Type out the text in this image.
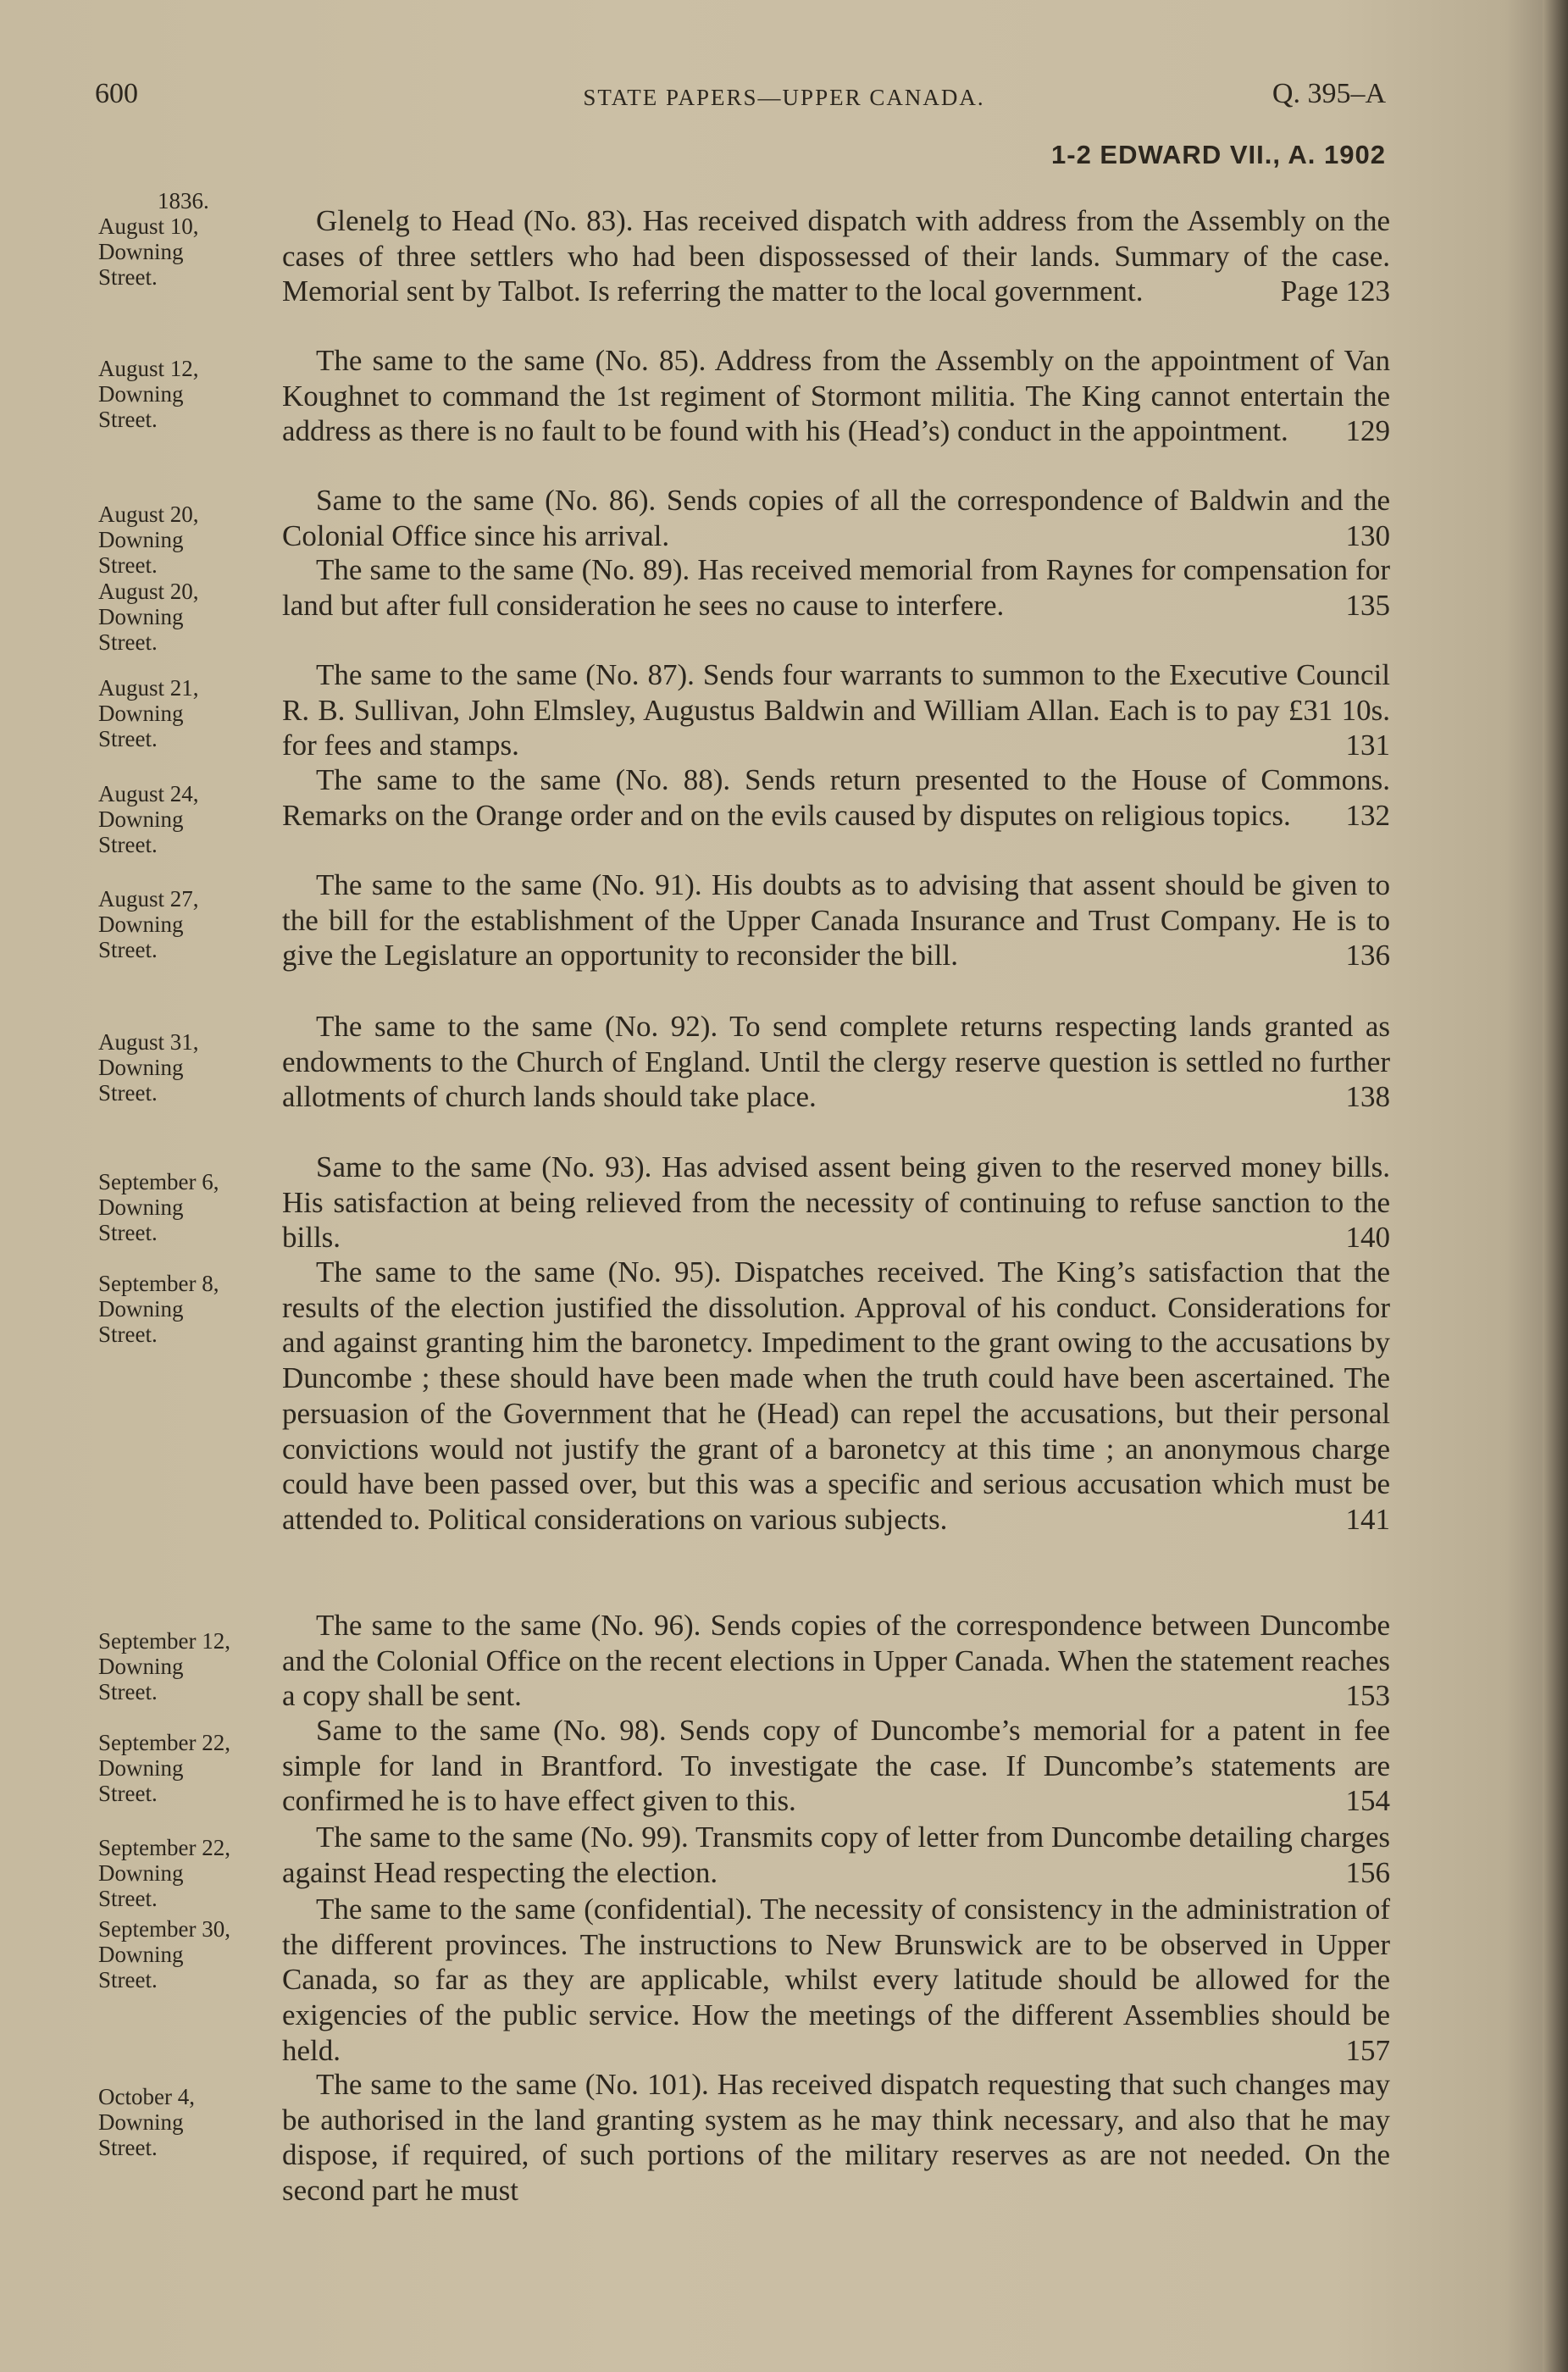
600	STATE PAPERS—UPPER CANADA.	Q. 395–A
1-2 EDWARD VII., A. 1902
1836.
August 10,
Downing
Street.
Glenelg to Head (No. 83). Has received dispatch with address from the Assembly on the cases of three settlers who had been dispossessed of their lands. Summary of the case. Memorial sent by Talbot. Is referring the matter to the local government.	Page 123
August 12,
Downing
Street.
The same to the same (No. 85). Address from the Assembly on the appointment of Van Koughnet to command the 1st regiment of Stormont militia. The King cannot entertain the address as there is no fault to be found with his (Head’s) conduct in the appointment.	129
August 20,
Downing
Street.
Same to the same (No. 86). Sends copies of all the correspondence of Baldwin and the Colonial Office since his arrival.	130
August 20,
Downing
Street.
The same to the same (No. 89). Has received memorial from Raynes for compensation for land but after full consideration he sees no cause to interfere.	135
August 21,
Downing
Street.
The same to the same (No. 87). Sends four warrants to summon to the Executive Council R. B. Sullivan, John Elmsley, Augustus Baldwin and William Allan. Each is to pay £31 10s. for fees and stamps.	131
August 24,
Downing
Street.
The same to the same (No. 88). Sends return presented to the House of Commons. Remarks on the Orange order and on the evils caused by disputes on religious topics.	132
August 27,
Downing
Street.
The same to the same (No. 91). His doubts as to advising that assent should be given to the bill for the establishment of the Upper Canada Insurance and Trust Company. He is to give the Legislature an opportunity to reconsider the bill.	136
August 31,
Downing
Street.
The same to the same (No. 92). To send complete returns respecting lands granted as endowments to the Church of England. Until the clergy reserve question is settled no further allotments of church lands should take place.	138
September 6,
Downing
Street.
Same to the same (No. 93). Has advised assent being given to the reserved money bills. His satisfaction at being relieved from the necessity of continuing to refuse sanction to the bills.	140
September 8,
Downing
Street.
The same to the same (No. 95). Dispatches received. The King’s satisfaction that the results of the election justified the dissolution. Approval of his conduct. Considerations for and against granting him the baronetcy. Impediment to the grant owing to the accusations by Duncombe ; these should have been made when the truth could have been ascertained. The persuasion of the Government that he (Head) can repel the accusations, but their personal convictions would not justify the grant of a baronetcy at this time ; an anonymous charge could have been passed over, but this was a specific and serious accusation which must be attended to. Political considerations on various subjects.	141
September 12,
Downing
Street.
The same to the same (No. 96). Sends copies of the correspondence between Duncombe and the Colonial Office on the recent elections in Upper Canada. When the statement reaches a copy shall be sent.	153
September 22,
Downing
Street.
Same to the same (No. 98). Sends copy of Duncombe’s memorial for a patent in fee simple for land in Brantford. To investigate the case. If Duncombe’s statements are confirmed he is to have effect given to this.	154
September 22,
Downing
Street.
The same to the same (No. 99). Transmits copy of letter from Duncombe detailing charges against Head respecting the election.	156
September 30,
Downing
Street.
The same to the same (confidential). The necessity of consistency in the administration of the different provinces. The instructions to New Brunswick are to be observed in Upper Canada, so far as they are applicable, whilst every latitude should be allowed for the exigencies of the public service. How the meetings of the different Assemblies should be held.	157
October 4,
Downing
Street.
The same to the same (No. 101). Has received dispatch requesting that such changes may be authorised in the land granting system as he may think necessary, and also that he may dispose, if required, of such portions of the military reserves as are not needed. On the second part he must
